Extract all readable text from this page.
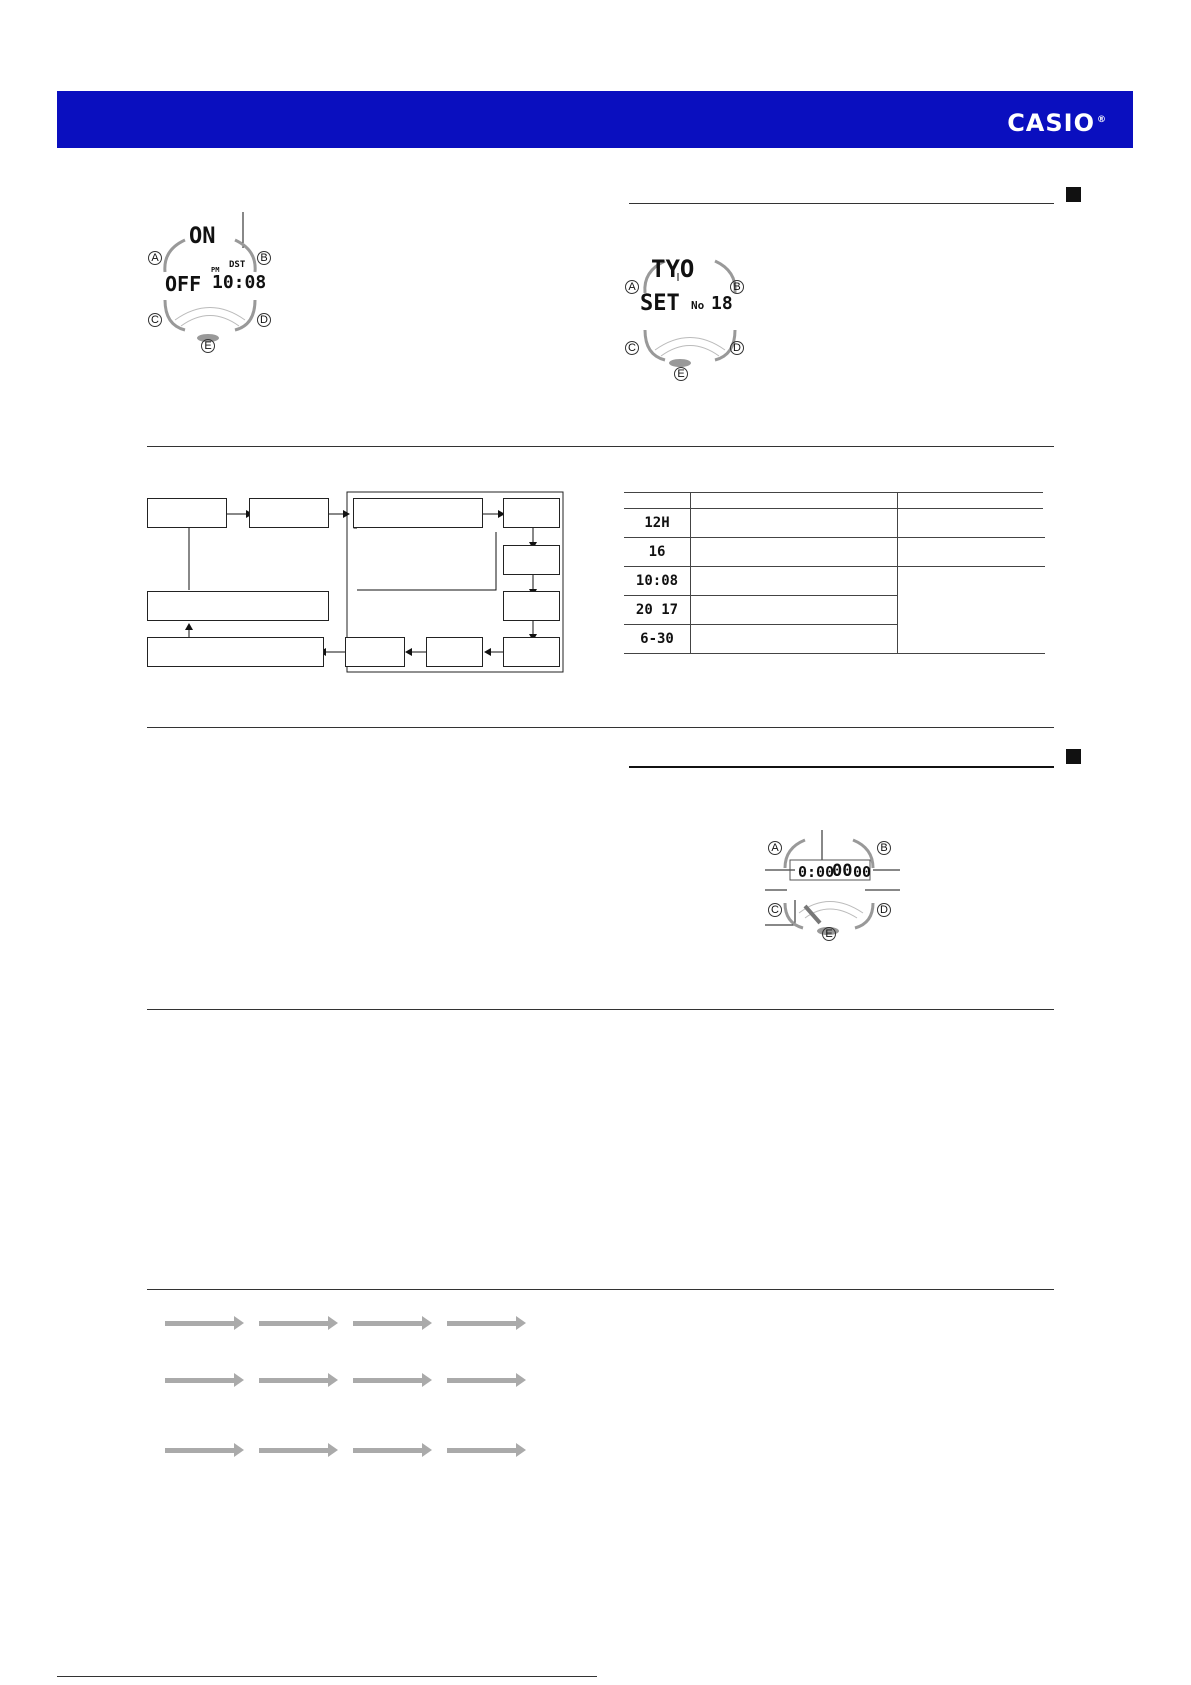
CASIO ®
ON
OFF
PM DST
10:08
A	B
C	D
E
TYO
SET No 18
A	B
C	D
E
12H		
16		
10:08		
20 17		
6-30		
0:00
00 00
A	B
C	D
E
